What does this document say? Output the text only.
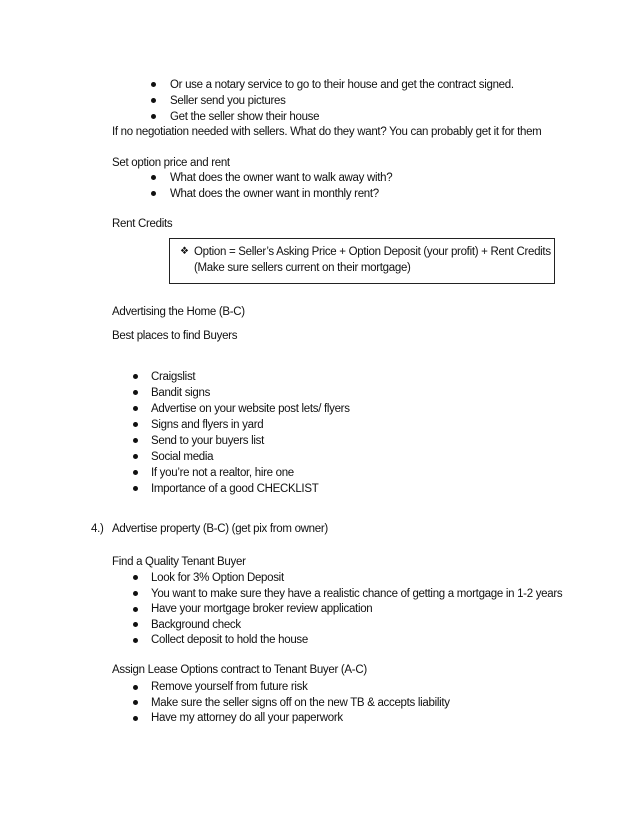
Or use a notary service to go to their house and get the contract signed.
Seller send you pictures
Get the seller show their house
If no negotiation needed with sellers. What do they want? You can probably get it for them
Set option price and rent
What does the owner want to walk away with?
What does the owner want in monthly rent?
Rent Credits
❖ Option = Seller’s Asking Price + Option Deposit (your profit) + Rent Credits
(Make sure sellers current on their mortgage)
Advertising the Home (B-C)
Best places to find Buyers
Craigslist
Bandit signs
Advertise on your website post lets/ flyers
Signs and flyers in yard
Send to your buyers list
Social media
If you’re not a realtor, hire one
Importance of a good CHECKLIST
4.) Advertise property (B-C) (get pix from owner)
Find a Quality Tenant Buyer
Look for 3% Option Deposit
You want to make sure they have a realistic chance of getting a mortgage in 1-2 years
Have your mortgage broker review application
Background check
Collect deposit to hold the house
Assign Lease Options contract to Tenant Buyer (A-C)
Remove yourself from future risk
Make sure the seller signs off on the new TB & accepts liability
Have my attorney do all your paperwork
